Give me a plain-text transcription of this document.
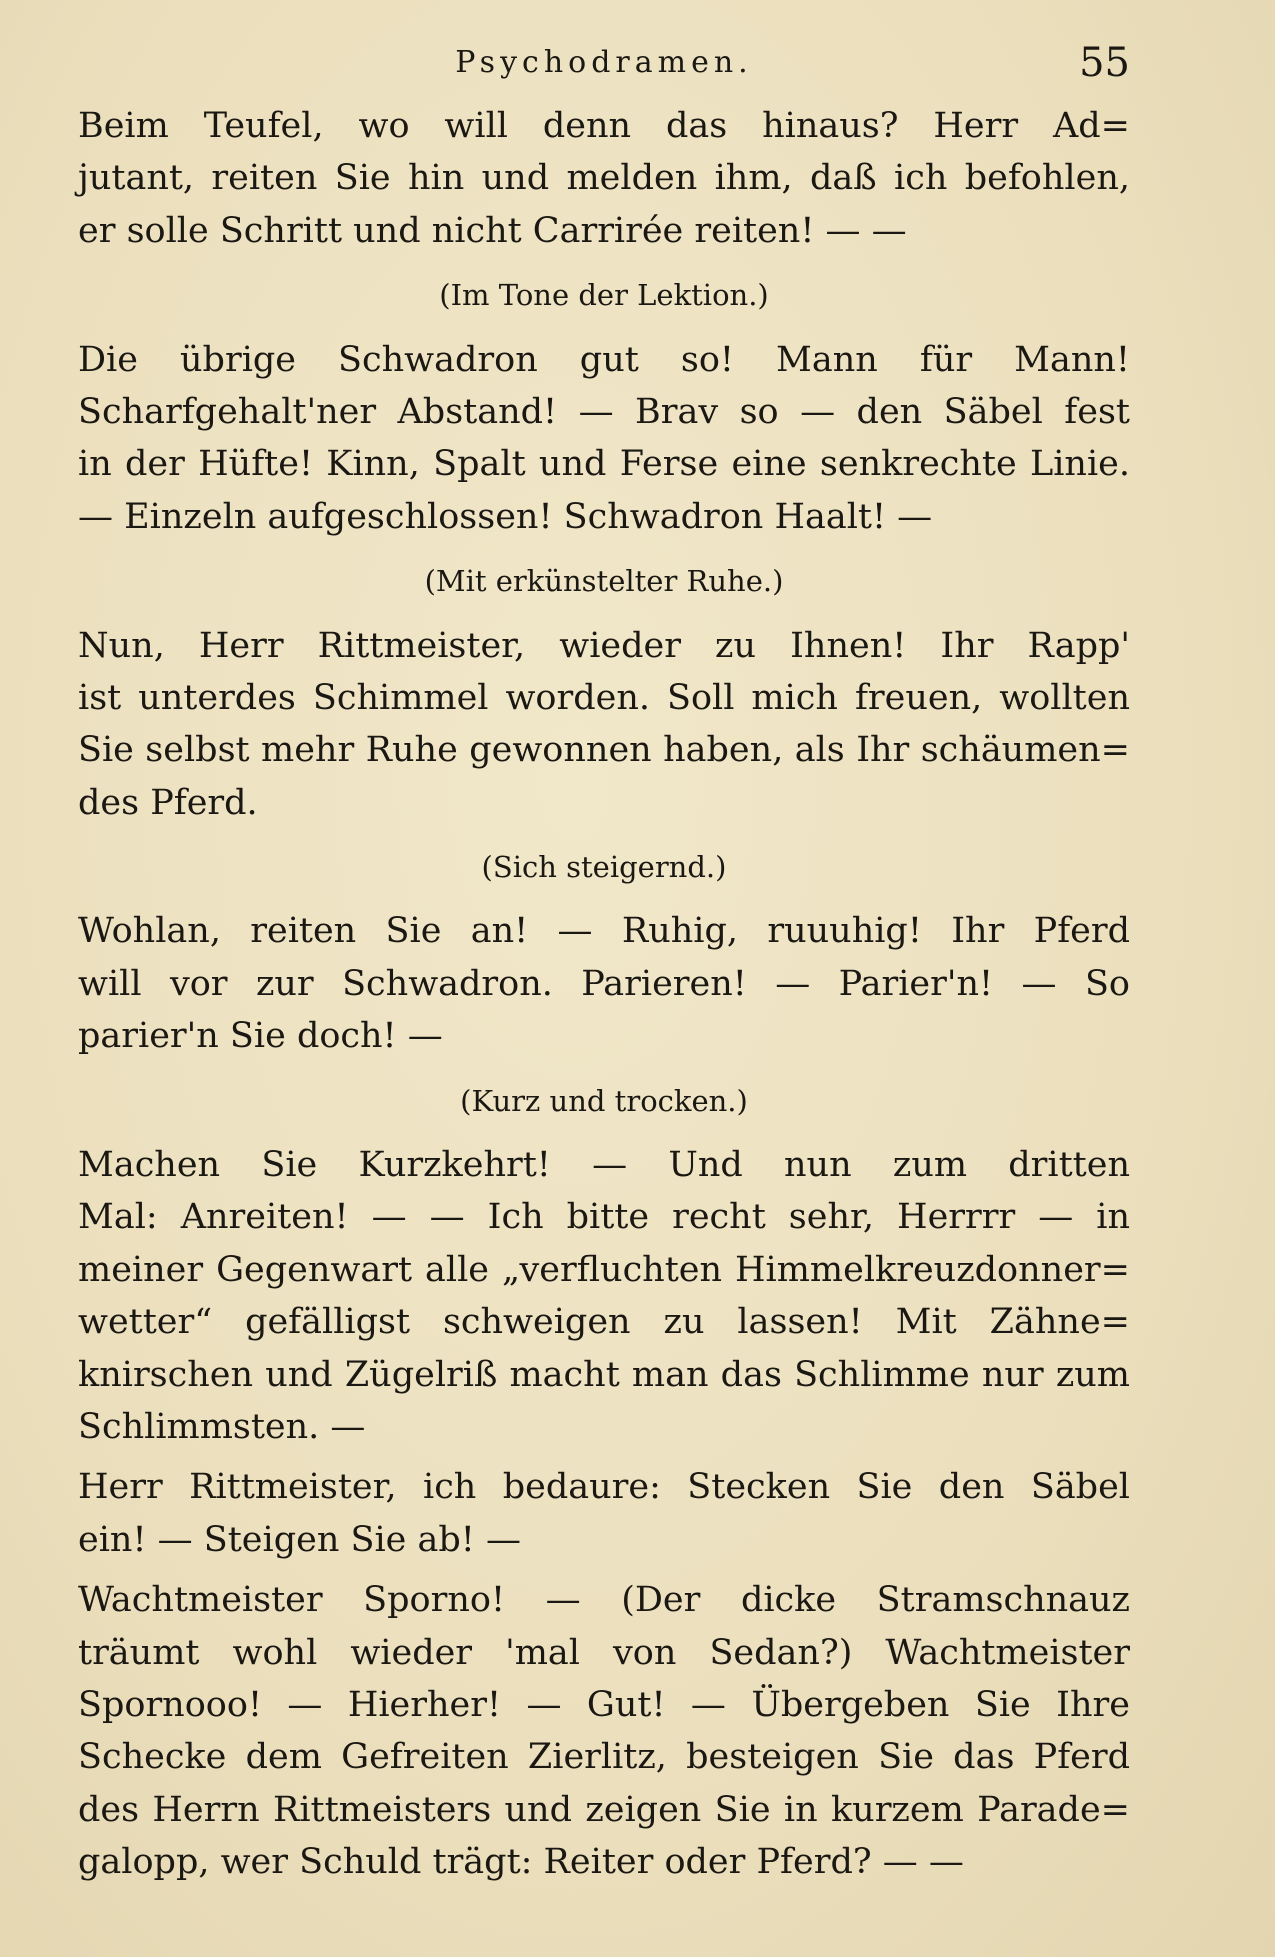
Psychodramen.	55
Beim Teufel, wo will denn das hinaus? Herr Ad=
jutant, reiten Sie hin und melden ihm, daß ich befohlen,
er solle Schritt und nicht Carrirée reiten! — —
(Im Tone der Lektion.)
Die übrige Schwadron gut so! Mann für Mann!
Scharfgehalt'ner Abstand! — Brav so — den Säbel fest
in der Hüfte! Kinn, Spalt und Ferse eine senkrechte Linie.
— Einzeln aufgeschlossen! Schwadron Haalt! —
(Mit erkünstelter Ruhe.)
Nun, Herr Rittmeister, wieder zu Ihnen! Ihr Rapp'
ist unterdes Schimmel worden. Soll mich freuen, wollten
Sie selbst mehr Ruhe gewonnen haben, als Ihr schäumen=
des Pferd.
(Sich steigernd.)
Wohlan, reiten Sie an! — Ruhig, ruuuhig! Ihr Pferd
will vor zur Schwadron. Parieren! — Parier'n! — So
parier'n Sie doch! —
(Kurz und trocken.)
Machen Sie Kurzkehrt! — Und nun zum dritten
Mal: Anreiten! — — Ich bitte recht sehr, Herrrr — in
meiner Gegenwart alle „verfluchten Himmelkreuzdonner=
wetter“ gefälligst schweigen zu lassen! Mit Zähne=
knirschen und Zügelriß macht man das Schlimme nur zum
Schlimmsten. —
Herr Rittmeister, ich bedaure: Stecken Sie den Säbel
ein! — Steigen Sie ab! —
Wachtmeister Sporno! — (Der dicke Stramschnauz
träumt wohl wieder 'mal von Sedan?) Wachtmeister
Spornooo! — Hierher! — Gut! — Übergeben Sie Ihre
Schecke dem Gefreiten Zierlitz, besteigen Sie das Pferd
des Herrn Rittmeisters und zeigen Sie in kurzem Parade=
galopp, wer Schuld trägt: Reiter oder Pferd? — —
